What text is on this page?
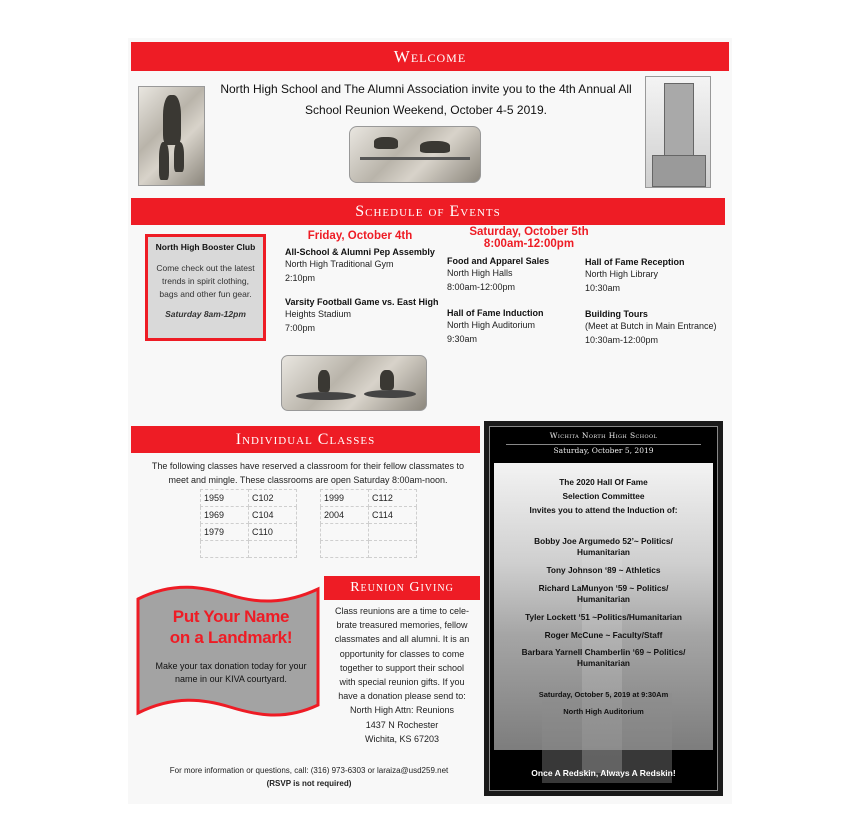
Welcome
North High School and The Alumni Association invite you to the 4th Annual All
School Reunion Weekend, October 4-5 2019.
Schedule of Events
North High Booster Club
Come check out the latest trends in spirit clothing, bags and other fun gear.
Saturday 8am-12pm
Friday, October 4th
All-School & Alumni Pep Assembly
North High Traditional Gym
2:10pm
Varsity Football Game vs. East High
Heights Stadium
7:00pm
Saturday, October 5th
8:00am-12:00pm
Food and Apparel Sales
North High Halls
8:00am-12:00pm
Hall of Fame Induction
North High Auditorium
9:30am
Hall of Fame Reception
North High Library
10:30am
Building Tours
(Meet at Butch in Main Entrance)
10:30am-12:00pm
Individual Classes
The following classes have reserved a classroom for their fellow classmates to meet and mingle. These classrooms are open Saturday 8:00am-noon.
1959	C102
1969	C104
1979	C110

1999	C112
2004	C114

Put Your Name
on a Landmark!
Make your tax donation today for your name in our KIVA courtyard.
Reunion Giving
Class reunions are a time to cele-
brate treasured memories, fellow
classmates and all alumni. It is an
opportunity for classes to come
together to support their school
with special reunion gifts. If you
have a donation please send to:
North High Attn: Reunions
1437 N Rochester
Wichita, KS 67203
For more information or questions, call: (316) 973-6303 or laraiza@usd259.net
(RSVP is not required)
Wichita North High School
Saturday, October 5, 2019
The 2020 Hall Of Fame
Selection Committee
Invites you to attend the Induction of:
Bobby Joe Argumedo 52’~ Politics/
Humanitarian
Tony Johnson ‘89 ~ Athletics
Richard LaMunyon ‘59 ~ Politics/
Humanitarian
Tyler Lockett ‘51 ~Politics/Humanitarian
Roger McCune ~ Faculty/Staff
Barbara Yarnell Chamberlin ‘69 ~ Politics/
Humanitarian
Saturday, October 5, 2019 at 9:30Am
North High Auditorium
Once A Redskin, Always A Redskin!
